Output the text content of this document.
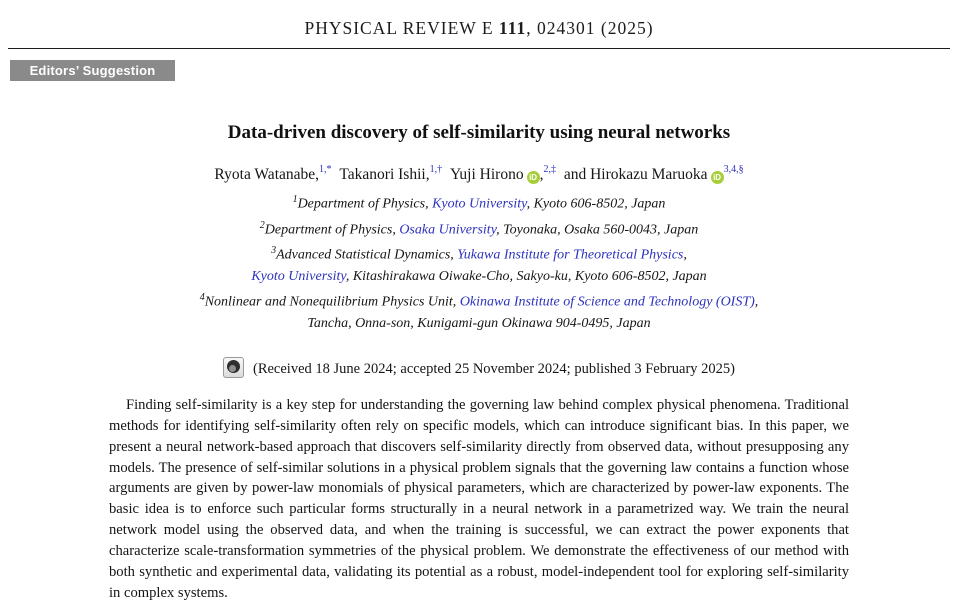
PHYSICAL REVIEW E 111, 024301 (2025)
Editors’ Suggestion
Data-driven discovery of self-similarity using neural networks

Ryota Watanabe,$^{1,*}$ Takanori Ishii,$^{1,\dagger}$ Yuji Hirono iD ,$^{2,\ddagger}$ and Hirokazu Maruoka $iD^{3,4,\S}$

$^1$Department of Physics, Kyoto University, Kyoto 606-8502, Japan
$^2$Department of Physics, Osaka University, Toyonaka, Osaka 560-0043, Japan
$^3$Advanced Statistical Dynamics, Yukawa Institute for Theoretical Physics,
Kyoto University, Kitashirakawa Oiwake-Cho, Sakyo-ku, Kyoto 606-8502, Japan
$^4$Nonlinear and Nonequilibrium Physics Unit, Okinawa Institute of Science and Technology (OIST),
Tancha, Onna-son, Kunigami-gun Okinawa 904-0495, Japan

(Received 18 June 2024; accepted 25 November 2024; published 3 February 2025)

Finding self-similarity is a key step for understanding the governing law behind complex physical phenomena. Traditional methods for identifying self-similarity often rely on specific models, which can introduce significant bias. In this paper, we present a neural network-based approach that discovers self-similarity directly from observed data, without presupposing any models. The presence of self-similar solutions in a physical problem signals that the governing law contains a function whose arguments are given by power-law monomials of physical parameters, which are characterized by power-law exponents. The basic idea is to enforce such particular forms structurally in a neural network in a parametrized way. We train the neural network model using the observed data, and when the training is successful, we can extract the power exponents that characterize scale-transformation symmetries of the physical problem. We demonstrate the effectiveness of our method with both synthetic and experimental data, validating its potential as a robust, model-independent tool for exploring self-similarity in complex systems.
